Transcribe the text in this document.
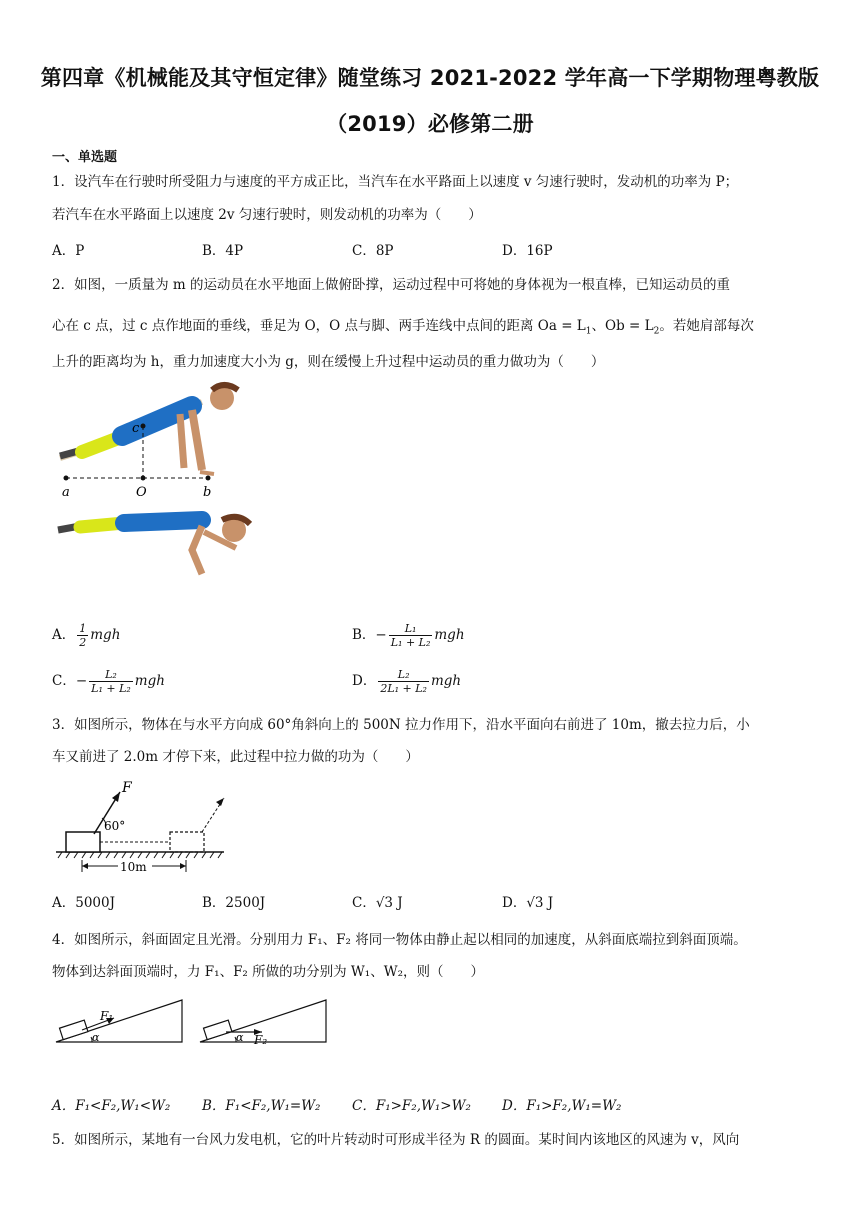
第四章《机械能及其守恒定律》随堂练习 2021-2022 学年高一下学期物理粤教版
（2019）必修第二册
一、单选题
1．设汽车在行驶时所受阻力与速度的平方成正比，当汽车在水平路面上以速度 v 匀速行驶时，发动机的功率为 P；
若汽车在水平路面上以速度 2v 匀速行驶时，则发动机的功率为（　　）
A．P	B．4P	C．8P	D．16P
2．如图，一质量为 m 的运动员在水平地面上做俯卧撑，运动过程中可将她的身体视为一根直棒，已知运动员的重
心在 c 点，过 c 点作地面的垂线，垂足为 O，O 点与脚、两手连线中点间的距离 $Oa = L_1$、$Ob = L_2$。若她肩部每次
上升的距离均为 h，重力加速度大小为 g，则在缓慢上升过程中运动员的重力做功为（　　）
a	O	b
c
A． $\frac{1}{2}$ mgh	B．− $\frac{\text{L₁}}{\text{L₁ + L₂}}$ mgh
C．− $\frac{\text{L₂}}{\text{L₁ + L₂}}$ mgh	D． $\frac{\text{L₂}}{\text{2L₁ + L₂}}$ mgh
3．如图所示，物体在与水平方向成 60°角斜向上的 500N 拉力作用下，沿水平面向右前进了 10m，撤去拉力后，小
车又前进了 2.0m 才停下来，此过程中拉力做的功为（　　）
F
60°
10m
A．5000J	B．2500J	C．√3 J	D．√3 J
4．如图所示，斜面固定且光滑。分别用力 F₁、F₂ 将同一物体由静止起以相同的加速度，从斜面底端拉到斜面顶端。
物体到达斜面顶端时，力 F₁、F₂ 所做的功分别为 W₁、W₂，则（　　）
F₁
α	F₂
α
A．F₁<F₂,W₁<W₂ B．F₁<F₂,W₁=W₂ C．F₁>F₂,W₁>W₂ D．F₁>F₂,W₁=W₂
5．如图所示，某地有一台风力发电机，它的叶片转动时可形成半径为 R 的圆面。某时间内该地区的风速为 v，风向
